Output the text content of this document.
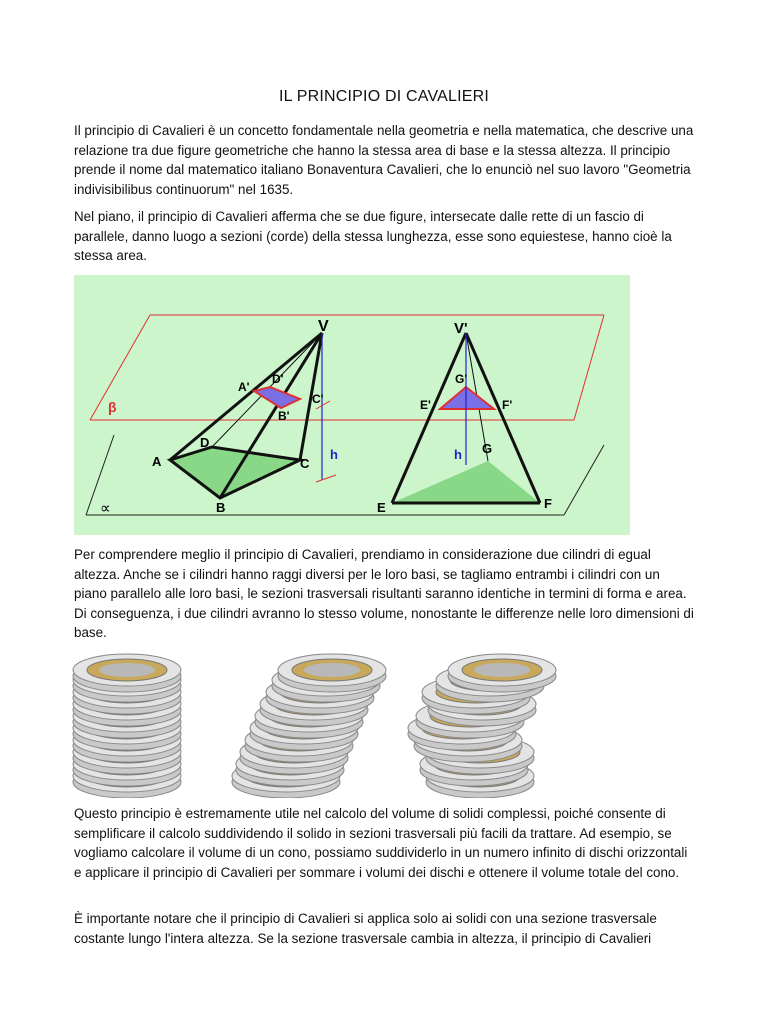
IL PRINCIPIO DI CAVALIERI

Il principio di Cavalieri è un concetto fondamentale nella geometria e nella matematica, che descrive una relazione tra due figure geometriche che hanno la stessa area di base e la stessa altezza. Il principio prende il nome dal matematico italiano Bonaventura Cavalieri, che lo enunciò nel suo lavoro "Geometria indivisibilibus continuorum" nel 1635.

Nel piano, il principio di Cavalieri afferma che se due figure, intersecate dalle rette di un fascio di parallele, danno luogo a sezioni (corde) della stessa lunghezza, esse sono equiestese, hanno cioè la stessa area.

V
A'
D'
C'
B'
D
A	C
B
h
V'
G'
E'	F'
G
E	F
h
β
∝

Per comprendere meglio il principio di Cavalieri, prendiamo in considerazione due cilindri di egual altezza. Anche se i cilindri hanno raggi diversi per le loro basi, se tagliamo entrambi i cilindri con un piano parallelo alle loro basi, le sezioni trasversali risultanti saranno identiche in termini di forma e area. Di conseguenza, i due cilindri avranno lo stesso volume, nonostante le differenze nelle loro dimensioni di base.

Questo principio è estremamente utile nel calcolo del volume di solidi complessi, poiché consente di semplificare il calcolo suddividendo il solido in sezioni trasversali più facili da trattare. Ad esempio, se vogliamo calcolare il volume di un cono, possiamo suddividerlo in un numero infinito di dischi orizzontali e applicare il principio di Cavalieri per sommare i volumi dei dischi e ottenere il volume totale del cono.

È importante notare che il principio di Cavalieri si applica solo ai solidi con una sezione trasversale costante lungo l'intera altezza. Se la sezione trasversale cambia in altezza, il principio di Cavalieri
